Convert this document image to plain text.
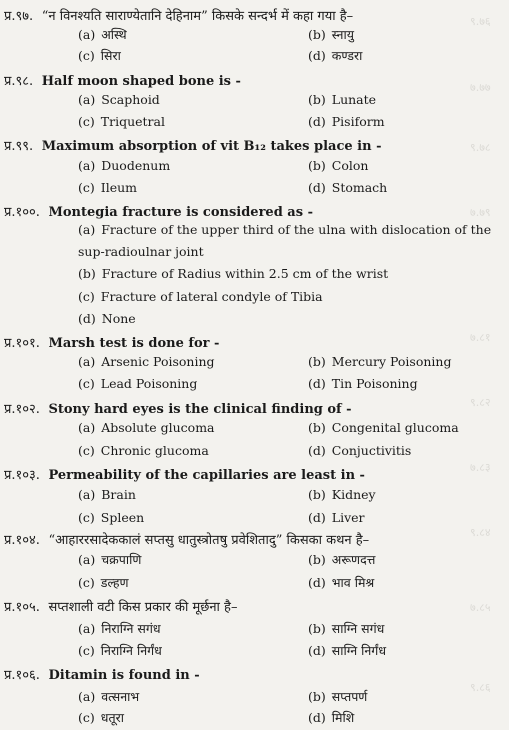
९.७६
७.७७
९.७८
७.७९
७.८१
९.८२
७.८३
९.८४
७.८५
९.८६
प्र.९७. “न विनश्यति साराण्येतानि देहिनाम” किसके सन्दर्भ में कहा गया है–
(a) अस्थि	(b) स्नायु
(c) सिरा	(d) कण्डरा
प्र.९८. Half moon shaped bone is -
(a) Scaphoid	(b) Lunate
(c) Triquetral	(d) Pisiform
प्र.९९. Maximum absorption of vit B₁₂ takes place in -
(a) Duodenum	(b) Colon
(c) Ileum	(d) Stomach
प्र.१००. Montegia fracture is considered as -
(a) Fracture of the upper third of the ulna with dislocation of the sup-radioulnar joint
(b) Fracture of Radius within 2.5 cm of the wrist
(c) Fracture of lateral condyle of Tibia
(d) None
प्र.१०१. Marsh test is done for -
(a) Arsenic Poisoning	(b) Mercury Poisoning
(c) Lead Poisoning	(d) Tin Poisoning
प्र.१०२. Stony hard eyes is the clinical finding of -
(a) Absolute glucoma	(b) Congenital glucoma
(c) Chronic glucoma	(d) Conjuctivitis
प्र.१०३. Permeability of the capillaries are least in -
(a) Brain	(b) Kidney
(c) Spleen	(d) Liver
प्र.१०४. “आहाररसादेककालं सप्तसु धातुस्त्रोतषु प्रवेशितादु” किसका कथन है–
(a) चक्रपाणि	(b) अरूणदत्त
(c) डल्हण	(d) भाव मिश्र
प्र.१०५. सप्तशाली वटी किस प्रकार की मूर्छना है–
(a) निराग्नि सगंध	(b) साग्नि सगंध
(c) निराग्नि निर्गंध	(d) साग्नि निर्गंध
प्र.१०६. Ditamin is found in -
(a) वत्सनाभ	(b) सप्तपर्ण
(c) धतूरा	(d) मिशि
